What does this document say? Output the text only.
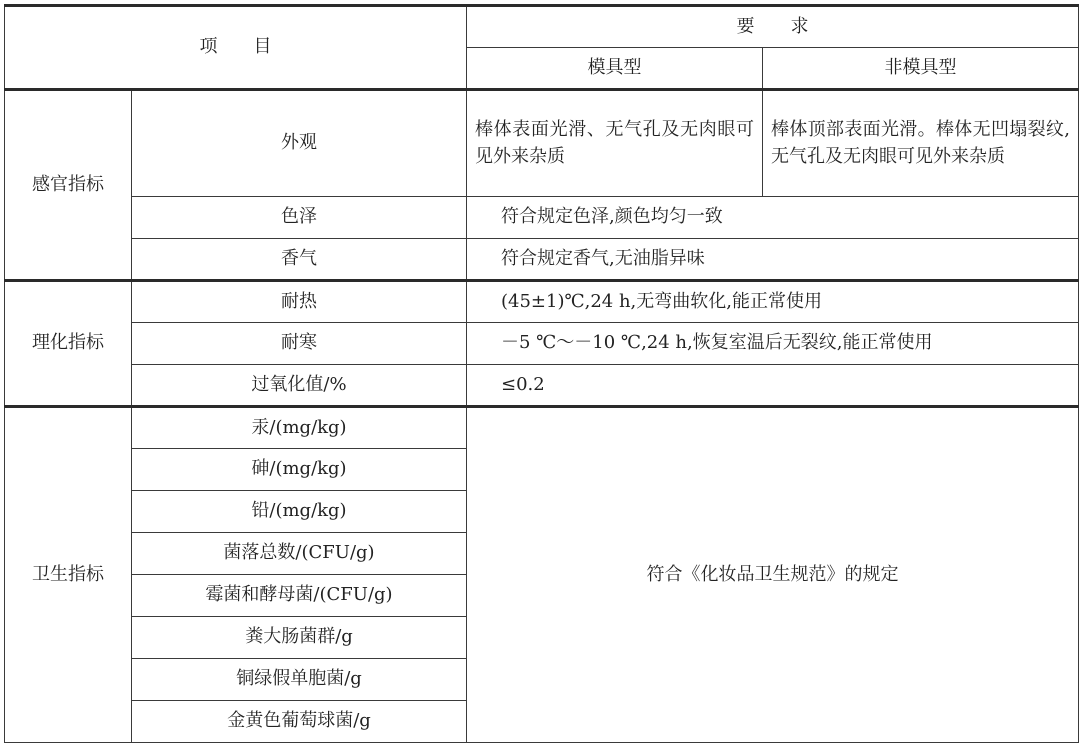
项　　目		要　　求	
		模具型	非模具型
感官指标	外观	棒体表面光滑、无气孔及无肉眼可见外来杂质	棒体顶部表面光滑。棒体无凹塌裂纹,无气孔及无肉眼可见外来杂质
	色泽	符合规定色泽,颜色均匀一致	
	香气	符合规定香气,无油脂异味	
理化指标	耐热	(45±1)℃,24 h,无弯曲软化,能正常使用	
	耐寒	－5 ℃～－10 ℃,24 h,恢复室温后无裂纹,能正常使用	
	过氧化值/%	≤0.2	
卫生指标	汞/(mg/kg)	符合《化妆品卫生规范》的规定	
	砷/(mg/kg)		
	铅/(mg/kg)		
	菌落总数/(CFU/g)		
	霉菌和酵母菌/(CFU/g)		
	粪大肠菌群/g		
	铜绿假单胞菌/g		
	金黄色葡萄球菌/g		
